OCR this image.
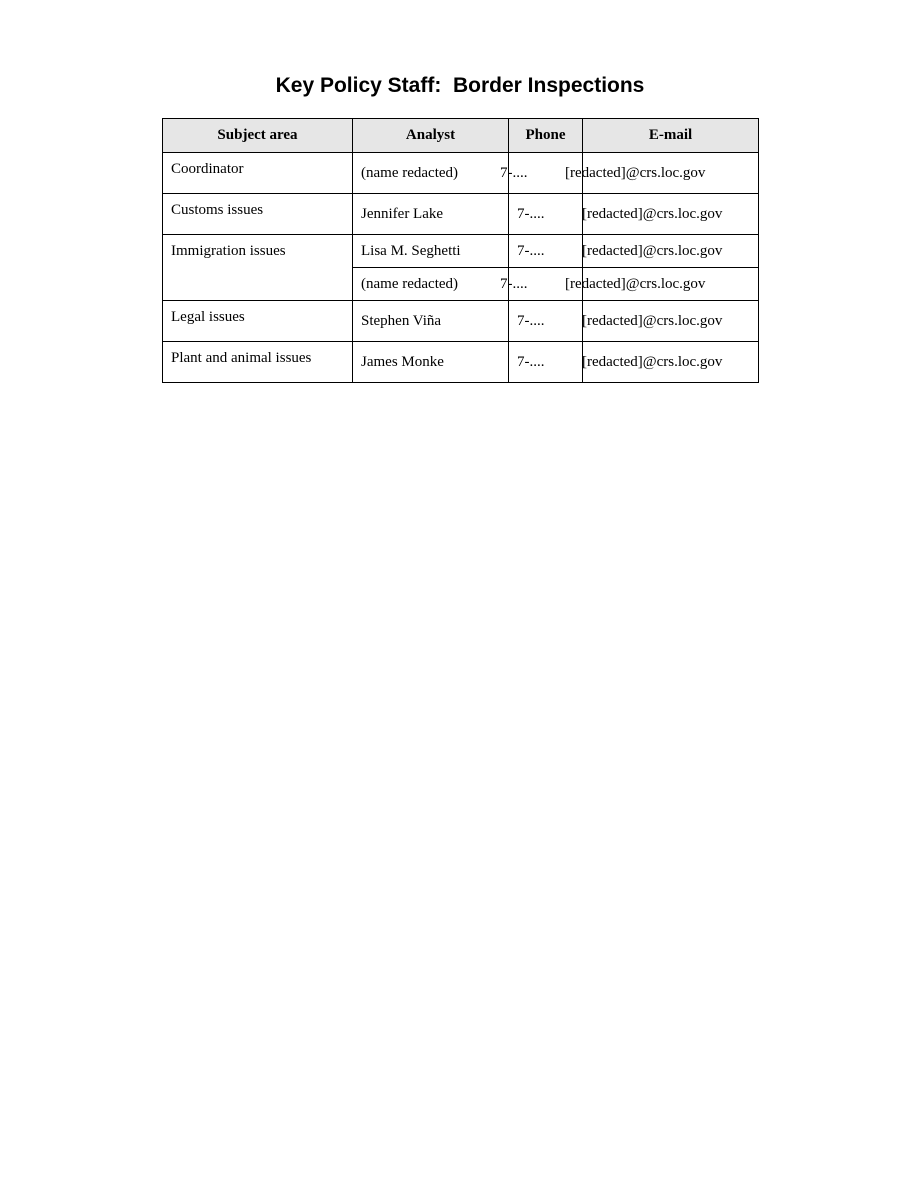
Key Policy Staff:  Border Inspections
Subject area	Analyst	Phone	E-mail
Coordinator	(name redacted)	7-....	[redacted]@crs.loc.gov
Customs issues	Jennifer Lake	7-....	[redacted]@crs.loc.gov
Immigration issues	Lisa M. Seghetti	7-....	[redacted]@crs.loc.gov
	(name redacted)	7-....	[redacted]@crs.loc.gov
Legal issues	Stephen Viña	7-....	[redacted]@crs.loc.gov
Plant and animal issues	James Monke	7-....	[redacted]@crs.loc.gov
